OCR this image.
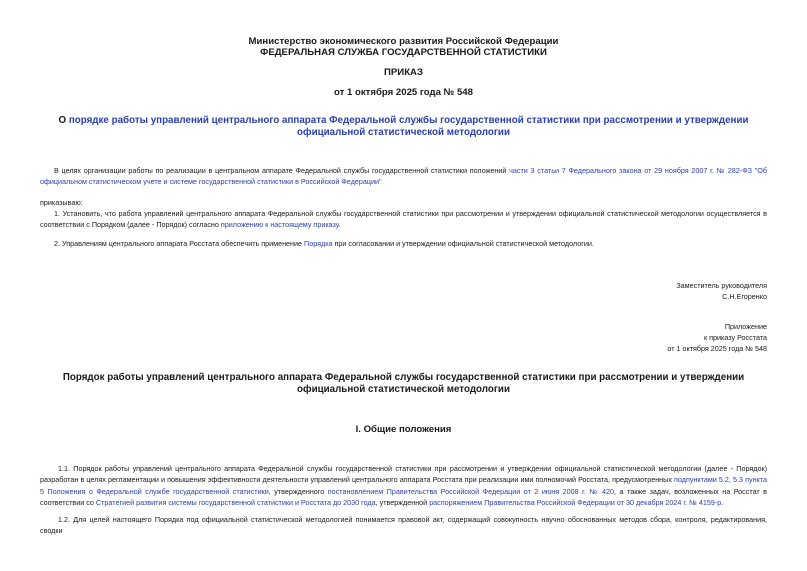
Министерство экономического развития Российской Федерации
ФЕДЕРАЛЬНАЯ СЛУЖБА ГОСУДАРСТВЕННОЙ СТАТИСТИКИ
ПРИКАЗ
от 1 октября 2025 года № 548
О порядке работы управлений центрального аппарата Федеральной службы государственной статистики при рассмотрении и утверждении официальной статистической методологии
В целях организации работы по реализации в центральном аппарате Федеральной службы государственной статистики положений части 3 статьи 7 Федерального закона от 29 ноября 2007 г. № 282-ФЗ "Об официальном статистическом учете и системе государственной статистики в Российской Федерации"
приказываю:
1. Установить, что работа управлений центрального аппарата Федеральной службы государственной статистики при рассмотрении и утверждении официальной статистической методологии осуществляется в соответствии с Порядком (далее - Порядок) согласно приложению к настоящему приказу.
2. Управлениям центрального аппарата Росстата обеспечить применение Порядка при согласовании и утверждении официальной статистической методологии.
Заместитель руководителя
С.Н.Егоренко
Приложение
к приказу Росстата
от 1 октября 2025 года № 548
Порядок работы управлений центрального аппарата Федеральной службы государственной статистики при рассмотрении и утверждении официальной статистической методологии
I. Общие положения
1.1. Порядок работы управлений центрального аппарата Федеральной службы государственной статистики при рассмотрении и утверждении официальной статистической методологии (далее - Порядок) разработан в целях регламентации и повышения эффективности деятельности управлений центрального аппарата Росстата при реализации ими полномочий Росстата, предусмотренных подпунктами 5.2, 5.3 пункта 5 Положения о Федеральной службе государственной статистики, утвержденного постановлением Правительства Российской Федерации от 2 июня 2008 г. № 420, а также задач, возложенных на Росстат в соответствии со Стратегией развития системы государственной статистики и Росстата до 2030 года, утвержденной распоряжением Правительства Российской Федерации от 30 декабря 2024 г. № 4159-р.
1.2. Для целей настоящего Порядка под официальной статистической методологией понимается правовой акт, содержащий совокупность научно обоснованных методов сбора, контроля, редактирования, сводки
